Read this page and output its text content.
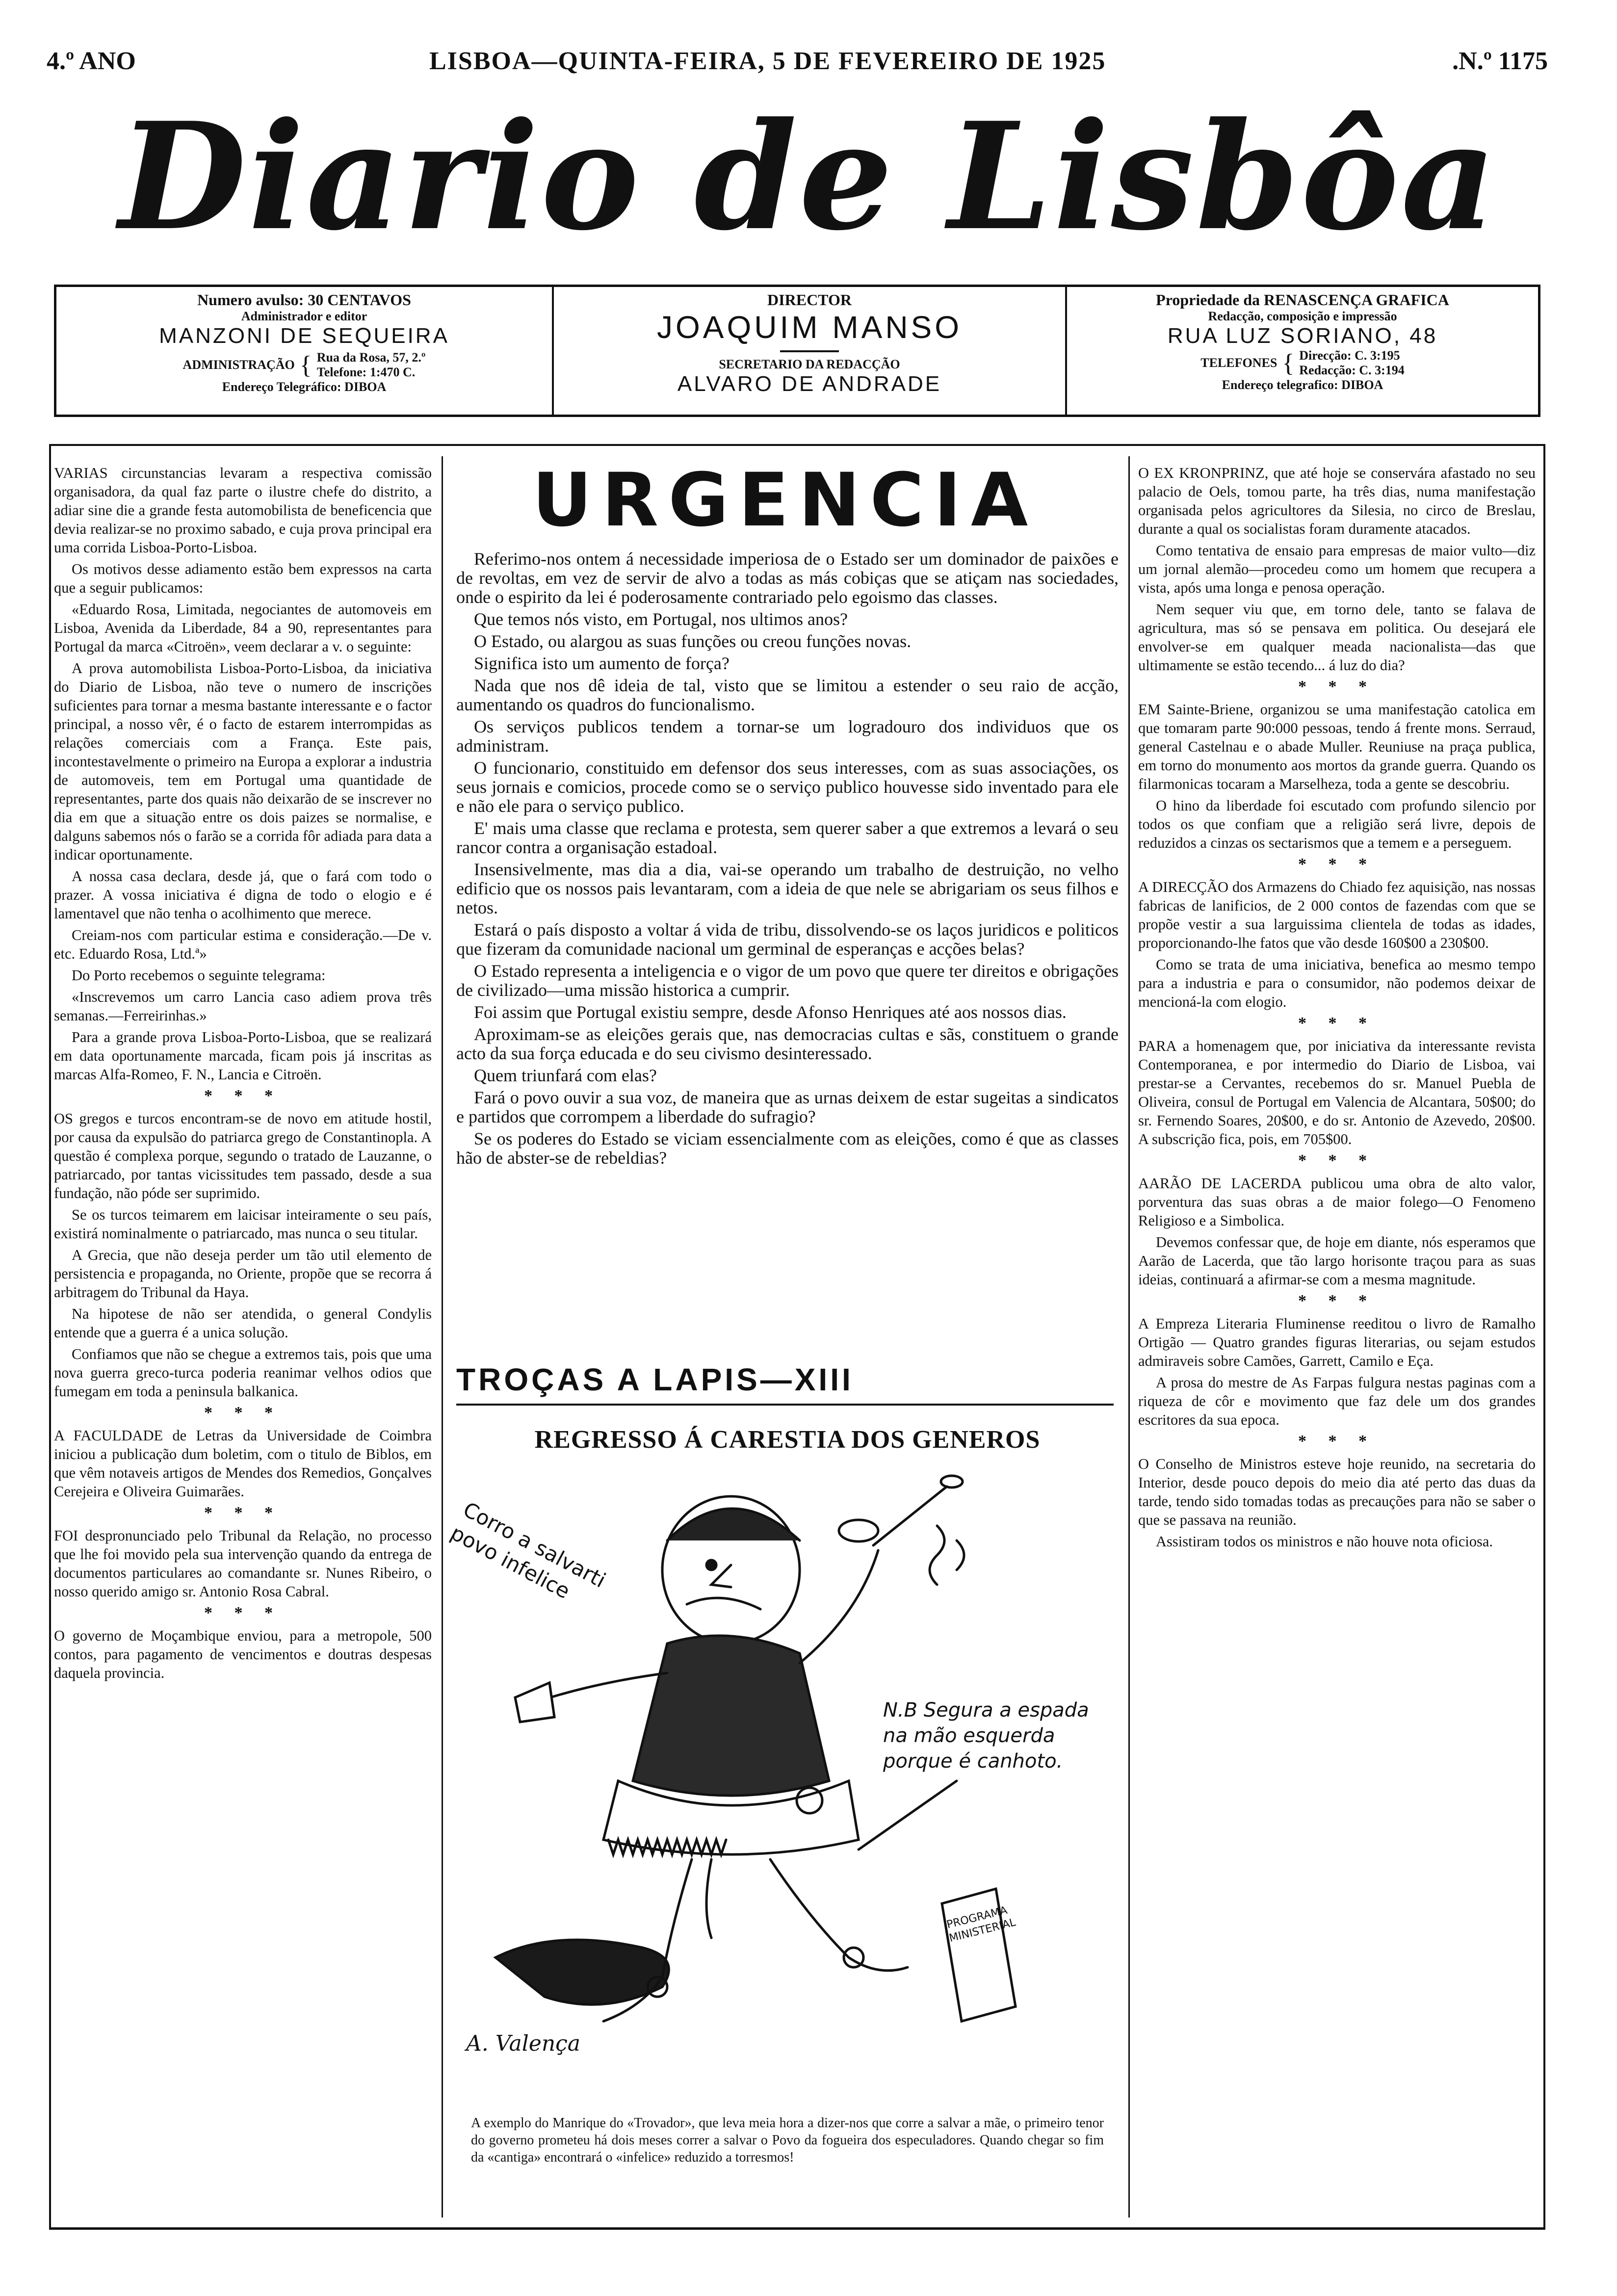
4.º ANO	LISBOA—QUINTA-FEIRA, 5 DE FEVEREIRO DE 1925	.N.º 1175
Diario de Lisbôa
Numero avulso: 30 CENTAVOS
Administrador e editor
MANZONI DE SEQUEIRA
ADMINISTRAÇÃO { Rua da Rosa, 57, 2.º
Telefone: 1:470 C.
Endereço Telegráfico: DIBOA
DIRECTOR
JOAQUIM MANSO
SECRETARIO DA REDACÇÃO
ALVARO DE ANDRADE
Propriedade da RENASCENÇA GRAFICA
Redacção, composição e impressão
RUA LUZ SORIANO, 48
TELEFONES { Direcção: C. 3:195
Redacção: C. 3:194
Endereço telegrafico: DIBOA

VARIAS circunstancias levaram a respectiva comissão organisadora, da qual faz parte o ilustre chefe do distrito, a adiar sine die a grande festa automobilista de beneficencia que devia realizar-se no proximo sabado, e cuja prova principal era uma corrida Lisboa-Porto-Lisboa.

Os motivos desse adiamento estão bem expressos na carta que a seguir publicamos:

«Eduardo Rosa, Limitada, negociantes de automoveis em Lisboa, Avenida da Liberdade, 84 a 90, representantes para Portugal da marca «Citroën», veem declarar a v. o seguinte:

A prova automobilista Lisboa-Porto-Lisboa, da iniciativa do Diario de Lisboa, não teve o numero de inscrições suficientes para tornar a mesma bastante interessante e o factor principal, a nosso vêr, é o facto de estarem interrompidas as relações comerciais com a França. Este pais, incontestavelmente o primeiro na Europa a explorar a industria de automoveis, tem em Portugal uma quantidade de representantes, parte dos quais não deixarão de se inscrever no dia em que a situação entre os dois paizes se normalise, e dalguns sabemos nós o farão se a corrida fôr adiada para data a indicar oportunamente.

A nossa casa declara, desde já, que o fará com todo o prazer. A vossa iniciativa é digna de todo o elogio e é lamentavel que não tenha o acolhimento que merece.

Creiam-nos com particular estima e consideração.—De v. etc. Eduardo Rosa, Ltd.ª»

Do Porto recebemos o seguinte telegrama:

«Inscrevemos um carro Lancia caso adiem prova três semanas.—Ferreirinhas.»

Para a grande prova Lisboa-Porto-Lisboa, que se realizará em data oportunamente marcada, ficam pois já inscritas as marcas Alfa-Romeo, F. N., Lancia e Citroën.

* * *

OS gregos e turcos encontram-se de novo em atitude hostil, por causa da expulsão do patriarca grego de Constantinopla. A questão é complexa porque, segundo o tratado de Lauzanne, o patriarcado, por tantas vicissitudes tem passado, desde a sua fundação, não póde ser suprimido.

Se os turcos teimarem em laicisar inteiramente o seu país, existirá nominalmente o patriarcado, mas nunca o seu titular.

A Grecia, que não deseja perder um tão util elemento de persistencia e propaganda, no Oriente, propõe que se recorra á arbitragem do Tribunal da Haya.

Na hipotese de não ser atendida, o general Condylis entende que a guerra é a unica solução.

Confiamos que não se chegue a extremos tais, pois que uma nova guerra greco-turca poderia reanimar velhos odios que fumegam em toda a peninsula balkanica.

* * *

A FACULDADE de Letras da Universidade de Coimbra iniciou a publicação dum boletim, com o titulo de Biblos, em que vêm notaveis artigos de Mendes dos Remedios, Gonçalves Cerejeira e Oliveira Guimarães.

* * *

FOI despronunciado pelo Tribunal da Relação, no processo que lhe foi movido pela sua intervenção quando da entrega de documentos particulares ao comandante sr. Nunes Ribeiro, o nosso querido amigo sr. Antonio Rosa Cabral.

* * *

O governo de Moçambique enviou, para a metropole, 500 contos, para pagamento de vencimentos e doutras despesas daquela provincia.

URGENCIA

Referimo-nos ontem á necessidade imperiosa de o Estado ser um dominador de paixões e de revoltas, em vez de servir de alvo a todas as más cobiças que se atiçam nas sociedades, onde o espirito da lei é poderosamente contrariado pelo egoismo das classes.

Que temos nós visto, em Portugal, nos ultimos anos?

O Estado, ou alargou as suas funções ou creou funções novas.

Significa isto um aumento de força?

Nada que nos dê ideia de tal, visto que se limitou a estender o seu raio de acção, aumentando os quadros do funcionalismo.

Os serviços publicos tendem a tornar-se um logradouro dos individuos que os administram.

O funcionario, constituido em defensor dos seus interesses, com as suas associações, os seus jornais e comicios, procede como se o serviço publico houvesse sido inventado para ele e não ele para o serviço publico.

E' mais uma classe que reclama e protesta, sem querer saber a que extremos a levará o seu rancor contra a organisação estadoal.

Insensivelmente, mas dia a dia, vai-se operando um trabalho de destruição, no velho edificio que os nossos pais levantaram, com a ideia de que nele se abrigariam os seus filhos e netos.

Estará o país disposto a voltar á vida de tribu, dissolvendo-se os laços juridicos e politicos que fizeram da comunidade nacional um germinal de esperanças e acções belas?

O Estado representa a inteligencia e o vigor de um povo que quere ter direitos e obrigações de civilizado—uma missão historica a cumprir.

Foi assim que Portugal existiu sempre, desde Afonso Henriques até aos nossos dias.

Aproximam-se as eleições gerais que, nas democracias cultas e sãs, constituem o grande acto da sua força educada e do seu civismo desinteressado.

Quem triunfará com elas?

Fará o povo ouvir a sua voz, de maneira que as urnas deixem de estar sugeitas a sindicatos e partidos que corrompem a liberdade do sufragio?

Se os poderes do Estado se viciam essencialmente com as eleições, como é que as classes hão de abster-se de rebeldias?

TROÇAS A LAPIS—XIII
REGRESSO Á CARESTIA DOS GENEROS
Corro a salvarti povo infelice
N.B Segura a espada na mão esquerda porque é canhoto.
PROGRAMA MINISTERIAL
A. Valença
A exemplo do Manrique do «Trovador», que leva meia hora a dizer-nos que corre a salvar a mãe, o primeiro tenor do governo prometeu há dois meses correr a salvar o Povo da fogueira dos especuladores. Quando chegar so fim da «cantiga» encontrará o «infelice» reduzido a torresmos!

O EX KRONPRINZ, que até hoje se conservára afastado no seu palacio de Oels, tomou parte, ha três dias, numa manifestação organisada pelos agricultores da Silesia, no circo de Breslau, durante a qual os socialistas foram duramente atacados.

Como tentativa de ensaio para empresas de maior vulto—diz um jornal alemão—procedeu como um homem que recupera a vista, após uma longa e penosa operação.

Nem sequer viu que, em torno dele, tanto se falava de agricultura, mas só se pensava em politica. Ou desejará ele envolver-se em qualquer meada nacionalista—das que ultimamente se estão tecendo... á luz do dia?

* * *

EM Sainte-Briene, organizou se uma manifestação catolica em que tomaram parte 90:000 pessoas, tendo á frente mons. Serraud, general Castelnau e o abade Muller. Reuniuse na praça publica, em torno do monumento aos mortos da grande guerra. Quando os filarmonicas tocaram a Marselheza, toda a gente se descobriu.

O hino da liberdade foi escutado com profundo silencio por todos os que confiam que a religião será livre, depois de reduzidos a cinzas os sectarismos que a temem e a perseguem.

* * *

A DIRECÇÃO dos Armazens do Chiado fez aquisição, nas nossas fabricas de lanificios, de 2 000 contos de fazendas com que se propõe vestir a sua larguissima clientela de todas as idades, proporcionando-lhe fatos que vão desde 160$00 a 230$00.

Como se trata de uma iniciativa, benefica ao mesmo tempo para a industria e para o consumidor, não podemos deixar de mencioná-la com elogio.

* * *

PARA a homenagem que, por iniciativa da interessante revista Contemporanea, e por intermedio do Diario de Lisboa, vai prestar-se a Cervantes, recebemos do sr. Manuel Puebla de Oliveira, consul de Portugal em Valencia de Alcantara, 50$00; do sr. Fernendo Soares, 20$00, e do sr. Antonio de Azevedo, 20$00. A subscrição fica, pois, em 705$00.

* * *

AARÃO DE LACERDA publicou uma obra de alto valor, porventura das suas obras a de maior folego—O Fenomeno Religioso e a Simbolica.

Devemos confessar que, de hoje em diante, nós esperamos que Aarão de Lacerda, que tão largo horisonte traçou para as suas ideias, continuará a afirmar-se com a mesma magnitude.

* * *

A Empreza Literaria Fluminense reeditou o livro de Ramalho Ortigão — Quatro grandes figuras literarias, ou sejam estudos admiraveis sobre Camões, Garrett, Camilo e Eça.

A prosa do mestre de As Farpas fulgura nestas paginas com a riqueza de côr e movimento que faz dele um dos grandes escritores da sua epoca.

* * *

O Conselho de Ministros esteve hoje reunido, na secretaria do Interior, desde pouco depois do meio dia até perto das duas da tarde, tendo sido tomadas todas as precauções para não se saber o que se passava na reunião.

Assistiram todos os ministros e não houve nota oficiosa.
